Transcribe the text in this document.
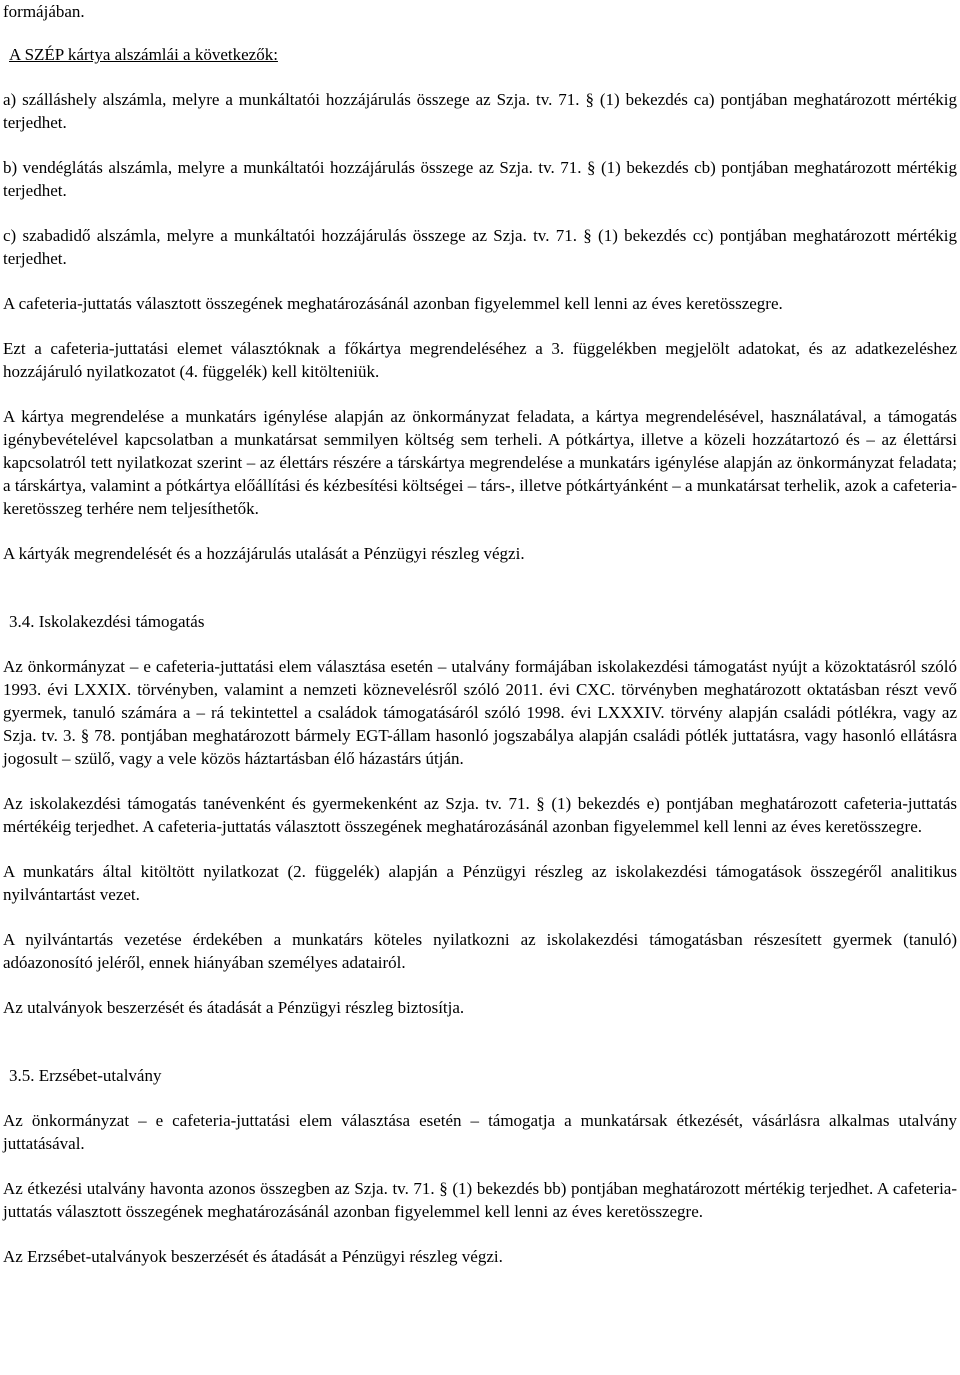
formájában.

A SZÉP kártya alszámlái a következők:

a) szálláshely alszámla, melyre a munkáltatói hozzájárulás összege az Szja. tv. 71. § (1) bekezdés ca) pontjában meghatározott mértékig terjedhet.

b) vendéglátás alszámla, melyre a munkáltatói hozzájárulás összege az Szja. tv. 71. § (1) bekezdés cb) pontjában meghatározott mértékig terjedhet.

c) szabadidő alszámla, melyre a munkáltatói hozzájárulás összege az Szja. tv. 71. § (1) bekezdés cc) pontjában meghatározott mértékig terjedhet.

A cafeteria-juttatás választott összegének meghatározásánál azonban figyelemmel kell lenni az éves keretösszegre.

Ezt a cafeteria-juttatási elemet választóknak a főkártya megrendeléséhez a 3. függelékben megjelölt adatokat, és az adatkezeléshez hozzájáruló nyilatkozatot (4. függelék) kell kitölteniük.

A kártya megrendelése a munkatárs igénylése alapján az önkormányzat feladata, a kártya megrendelésével, használatával, a támogatás igénybevételével kapcsolatban a munkatársat semmilyen költség sem terheli. A pótkártya, illetve a közeli hozzátartozó és – az élettársi kapcsolatról tett nyilatkozat szerint – az élettárs részére a társkártya megrendelése a munkatárs igénylése alapján az önkormányzat feladata; a társkártya, valamint a pótkártya előállítási és kézbesítési költségei – társ-, illetve pótkártyánként – a munkatársat terhelik, azok a cafeteria-keretösszeg terhére nem teljesíthetők.

A kártyák megrendelését és a hozzájárulás utalását a Pénzügyi részleg végzi.

3.4. Iskolakezdési támogatás

Az önkormányzat – e cafeteria-juttatási elem választása esetén – utalvány formájában iskolakezdési támogatást nyújt a közoktatásról szóló 1993. évi LXXIX. törvényben, valamint a nemzeti köznevelésről szóló 2011. évi CXC. törvényben meghatározott oktatásban részt vevő gyermek, tanuló számára a – rá tekintettel a családok támogatásáról szóló 1998. évi LXXXIV. törvény alapján családi pótlékra, vagy az Szja. tv. 3. § 78. pontjában meghatározott bármely EGT-állam hasonló jogszabálya alapján családi pótlék juttatásra, vagy hasonló ellátásra jogosult – szülő, vagy a vele közös háztartásban élő házastárs útján.

Az iskolakezdési támogatás tanévenként és gyermekenként az Szja. tv. 71. § (1) bekezdés e) pontjában meghatározott cafeteria-juttatás mértékéig terjedhet. A cafeteria-juttatás választott összegének meghatározásánál azonban figyelemmel kell lenni az éves keretösszegre.

A munkatárs által kitöltött nyilatkozat (2. függelék) alapján a Pénzügyi részleg az iskolakezdési támogatások összegéről analitikus nyilvántartást vezet.

A nyilvántartás vezetése érdekében a munkatárs köteles nyilatkozni az iskolakezdési támogatásban részesített gyermek (tanuló) adóazonosító jeléről, ennek hiányában személyes adatairól.

Az utalványok beszerzését és átadását a Pénzügyi részleg biztosítja.

3.5. Erzsébet-utalvány

Az önkormányzat – e cafeteria-juttatási elem választása esetén – támogatja a munkatársak étkezését, vásárlásra alkalmas utalvány juttatásával.

Az étkezési utalvány havonta azonos összegben az Szja. tv. 71. § (1) bekezdés bb) pontjában meghatározott mértékig terjedhet. A cafeteria-juttatás választott összegének meghatározásánál azonban figyelemmel kell lenni az éves keretösszegre.

Az Erzsébet-utalványok beszerzését és átadását a Pénzügyi részleg végzi.
